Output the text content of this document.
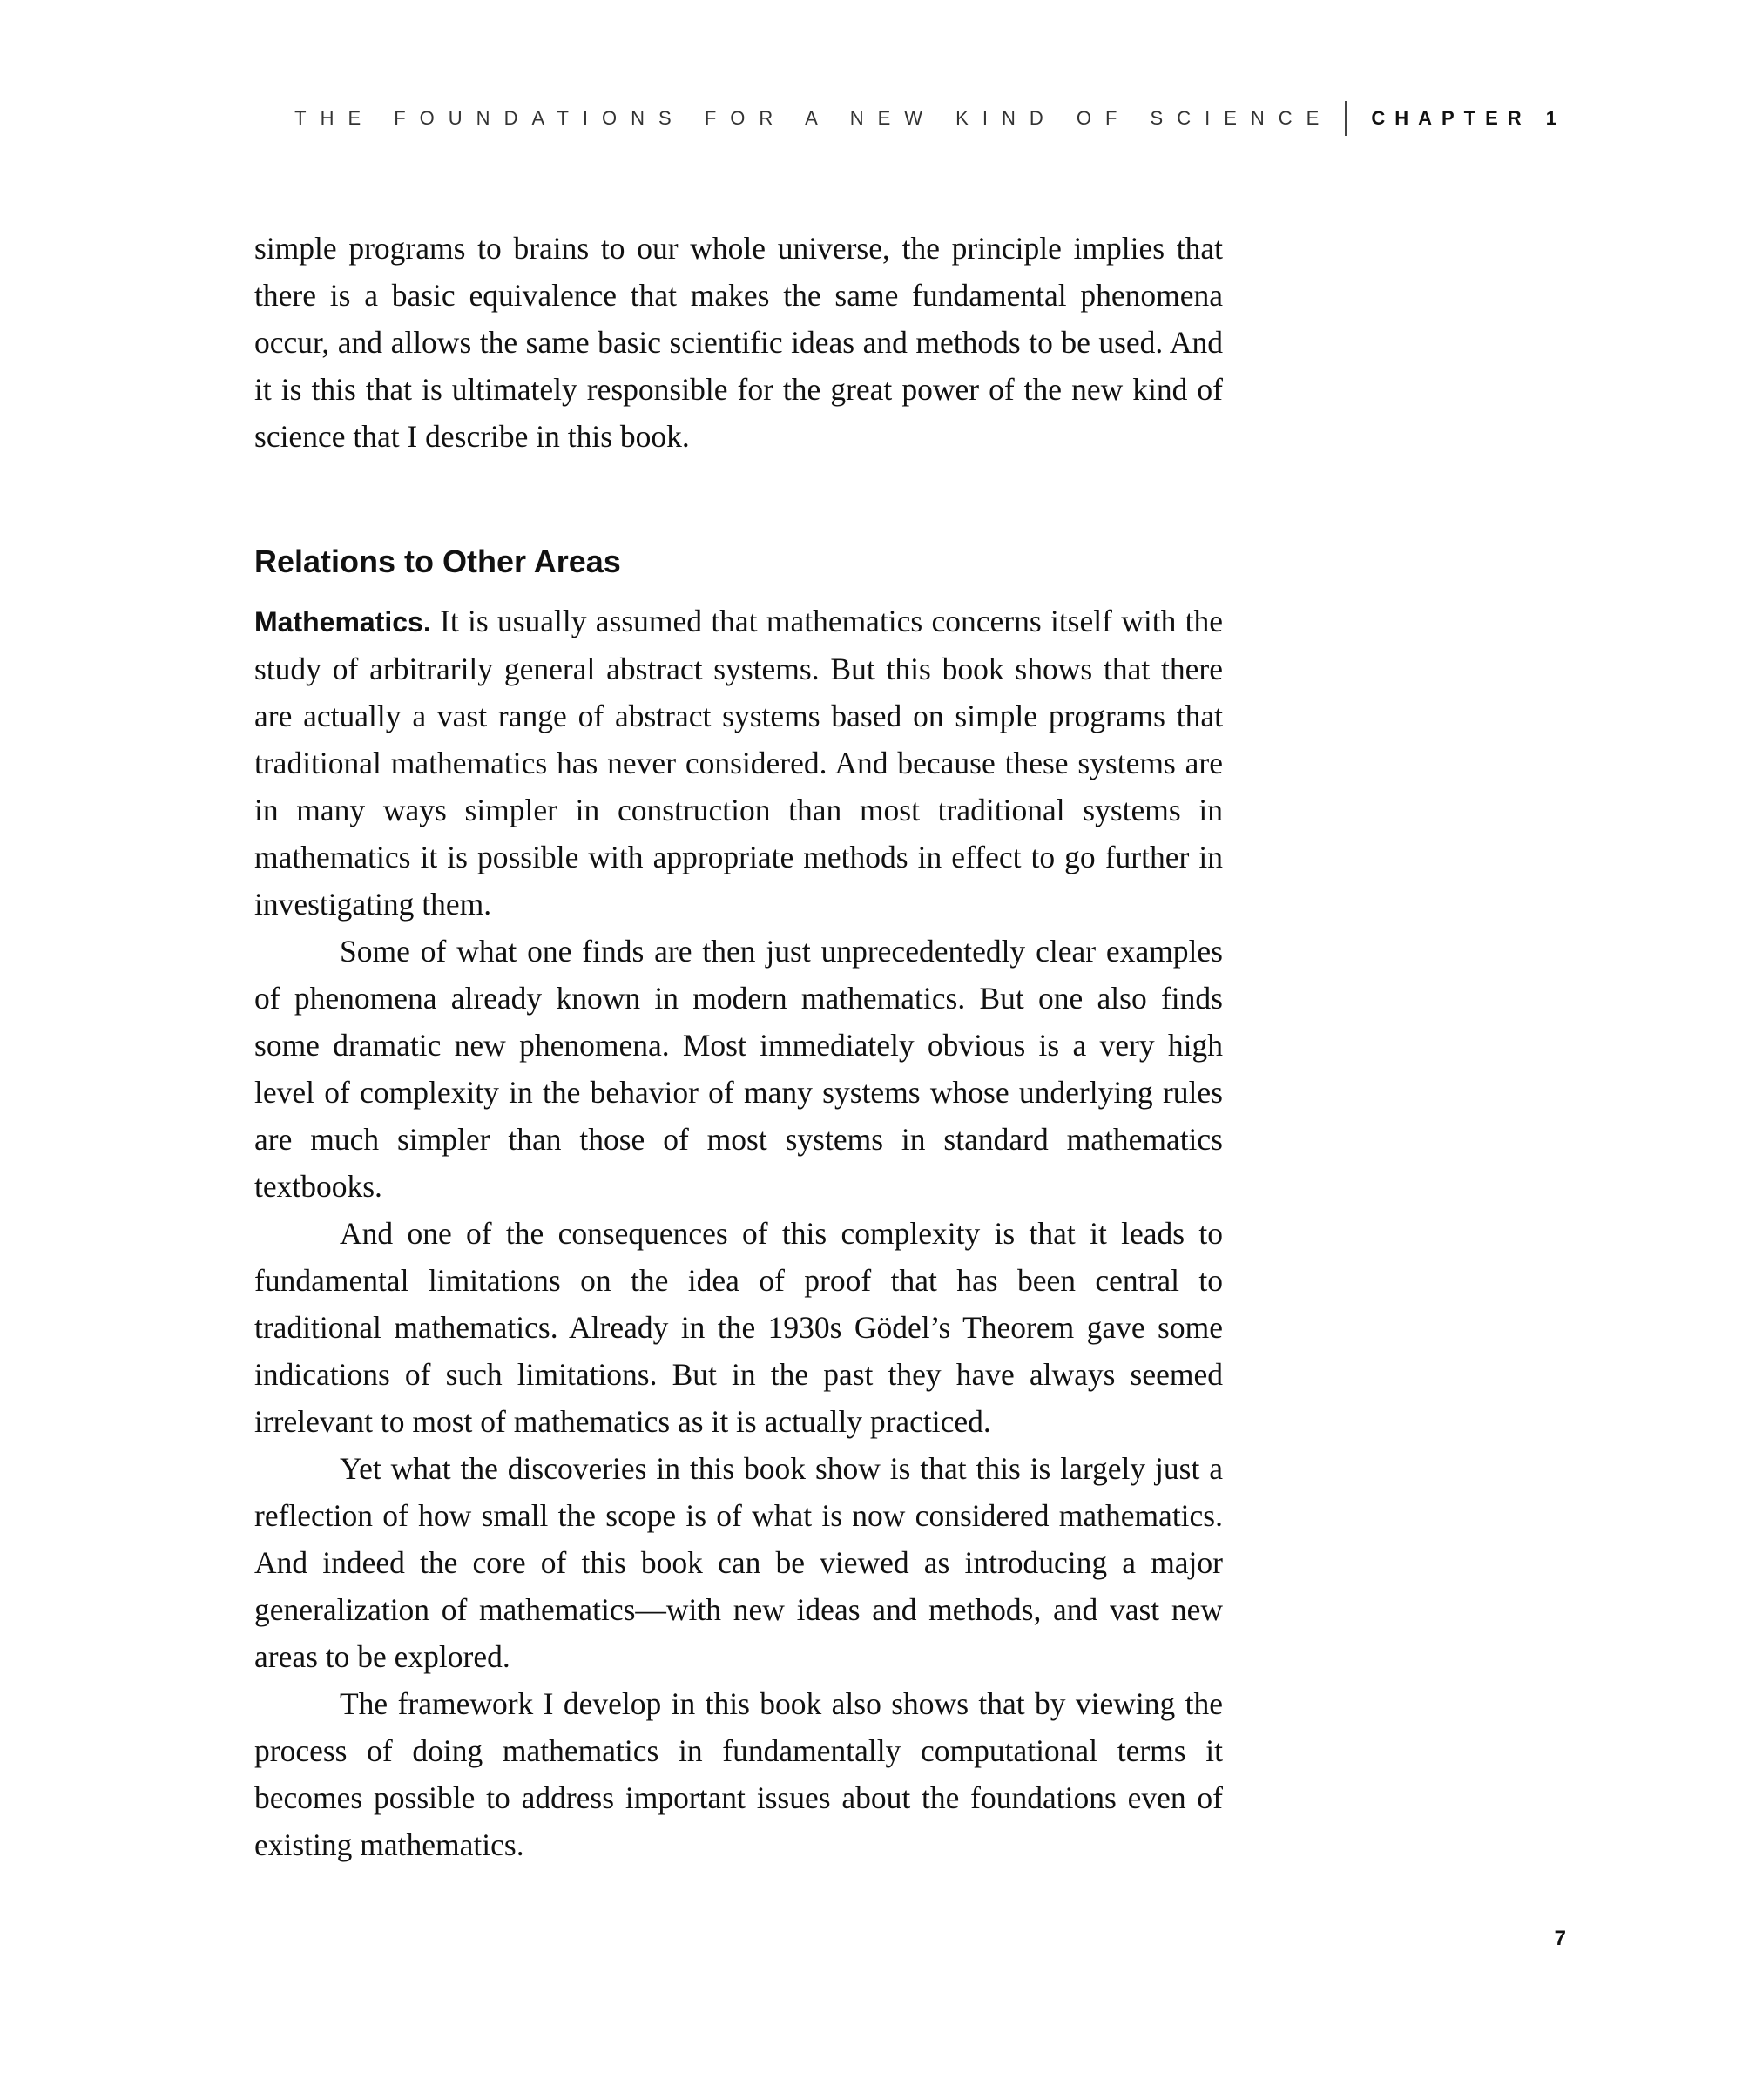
THE FOUNDATIONS FOR A NEW KIND OF SCIENCE CHAPTER 1

simple programs to brains to our whole universe, the principle implies that there is a basic equivalence that makes the same fundamental phenomena occur, and allows the same basic scientific ideas and methods to be used. And it is this that is ultimately responsible for the great power of the new kind of science that I describe in this book.

Relations to Other Areas

Mathematics. It is usually assumed that mathematics concerns itself with the study of arbitrarily general abstract systems. But this book shows that there are actually a vast range of abstract systems based on simple programs that traditional mathematics has never considered. And because these systems are in many ways simpler in construction than most traditional systems in mathematics it is possible with appropriate methods in effect to go further in investigating them.

Some of what one finds are then just unprecedentedly clear examples of phenomena already known in modern mathematics. But one also finds some dramatic new phenomena. Most immediately obvious is a very high level of complexity in the behavior of many systems whose underlying rules are much simpler than those of most systems in standard mathematics textbooks.

And one of the consequences of this complexity is that it leads to fundamental limitations on the idea of proof that has been central to traditional mathematics. Already in the 1930s Gödel’s Theorem gave some indications of such limitations. But in the past they have always seemed irrelevant to most of mathematics as it is actually practiced.

Yet what the discoveries in this book show is that this is largely just a reflection of how small the scope is of what is now considered mathematics. And indeed the core of this book can be viewed as introducing a major generalization of mathematics—with new ideas and methods, and vast new areas to be explored.

The framework I develop in this book also shows that by viewing the process of doing mathematics in fundamentally computational terms it becomes possible to address important issues about the foundations even of existing mathematics.

7
